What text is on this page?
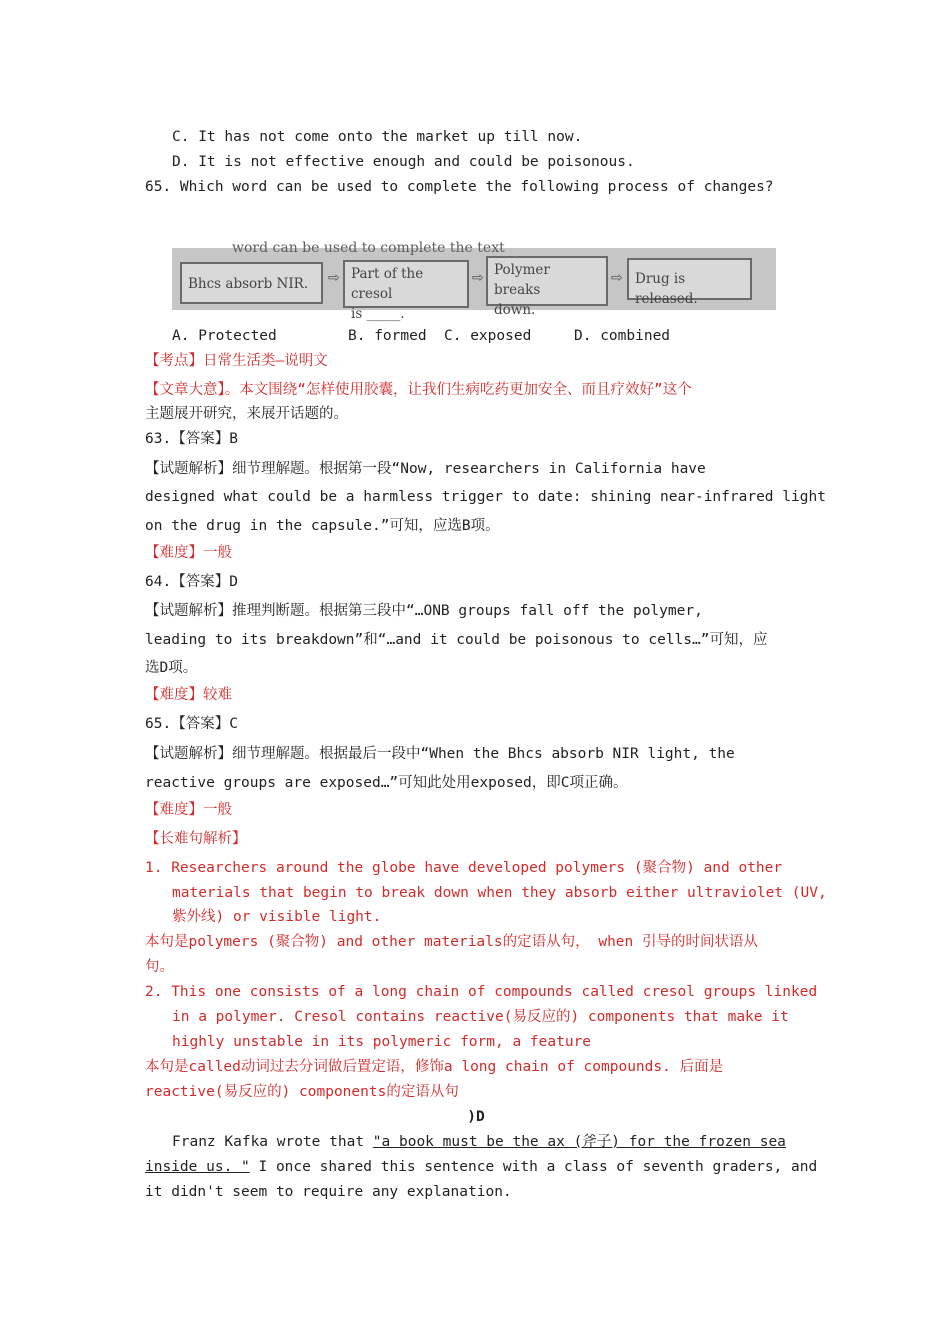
C. It has not come onto the market up till now.
D. It is not effective enough and could be poisonous.
65. Which word can be used to complete the following process of changes?
word can be used to complete the text
Bhcs absorb NIR.	⇨ Part of the cresol
is _____.
⇨ Polymer breaks
down.
⇨ Drug is released.
A. Protected	B. formed C. exposed	D. combined
【考点】日常生活类—说明文
【文章大意】。本文围绕“怎样使用胶囊，让我们生病吃药更加安全、而且疗效好”这个
主题展开研究，来展开话题的。
63.【答案】B
【试题解析】细节理解题。根据第一段“Now, researchers in California have
designed what could be a harmless trigger to date: shining near-infrared light
on the drug in the capsule.”可知，应选B项。
【难度】一般
64.【答案】D
【试题解析】推理判断题。根据第三段中“…ONB groups fall off the polymer,
leading to its breakdown”和“…and it could be poisonous to cells…”可知，应
选D项。
【难度】较难
65.【答案】C
【试题解析】细节理解题。根据最后一段中“When the Bhcs absorb NIR light, the
reactive groups are exposed…”可知此处用exposed，即C项正确。
【难度】一般
【长难句解析】
1. Researchers around the globe have developed polymers (聚合物) and other
materials that begin to break down when they absorb either ultraviolet (UV,
紫外线) or visible light.
本句是polymers (聚合物) and other materials的定语从句， when 引导的时间状语从
句。
2. This one consists of a long chain of compounds called cresol groups linked
in a polymer. Cresol contains reactive(易反应的) components that make it
highly unstable in its polymeric form, a feature
本句是called动词过去分词做后置定语，修饰a long chain of compounds. 后面是
reactive(易反应的) components的定语从句
)D
Franz Kafka wrote that "a book must be the ax (斧子) for the frozen sea
inside us. " I once shared this sentence with a class of seventh graders, and
it didn't seem to require any explanation.
